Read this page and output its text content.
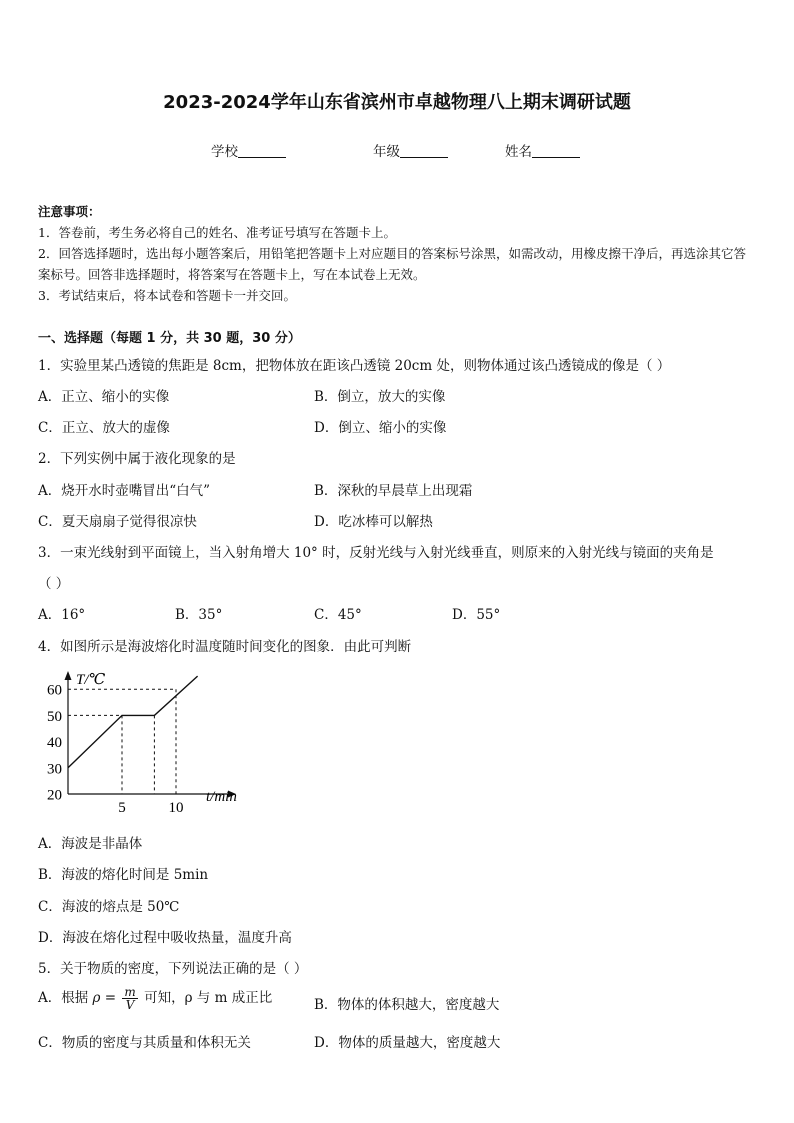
2023-2024学年山东省滨州市卓越物理八上期末调研试题
学校	年级	姓名
注意事项：
1．答卷前，考生务必将自己的姓名、准考证号填写在答题卡上。
2．回答选择题时，选出每小题答案后，用铅笔把答题卡上对应题目的答案标号涂黑，如需改动，用橡皮擦干净后，再选涂其它答案标号。回答非选择题时，将答案写在答题卡上，写在本试卷上无效。
3．考试结束后，将本试卷和答题卡一并交回。
一、选择题（每题 1 分，共 30 题，30 分）
1．实验里某凸透镜的焦距是 8cm，把物体放在距该凸透镜 20cm 处，则物体通过该凸透镜成的像是（ ）
A．正立、缩小的实像	B．倒立，放大的实像
C．正立、放大的虚像	D．倒立、缩小的实像
2．下列实例中属于液化现象的是
A．烧开水时壶嘴冒出“白气”	B．深秋的早晨草上出现霜
C．夏天扇扇子觉得很凉快	D．吃冰棒可以解热
3．一束光线射到平面镜上，当入射角增大 10° 时，反射光线与入射光线垂直，则原来的入射光线与镜面的夹角是
（ ）
A．16°	B．35°	C．45°	D．55°
4．如图所示是海波熔化时温度随时间变化的图象．由此可判断
60
50
40
30
20
5	10
T/℃
t/min
A．海波是非晶体
B．海波的熔化时间是 5min
C．海波的熔点是 50℃
D．海波在熔化过程中吸收热量，温度升高
5．关于物质的密度，下列说法正确的是（ ）
A．根据 $\rho = \frac{m}{V}$ 可知，ρ 与 m 成正比	B．物体的体积越大，密度越大
C．物质的密度与其质量和体积无关	D．物体的质量越大，密度越大
